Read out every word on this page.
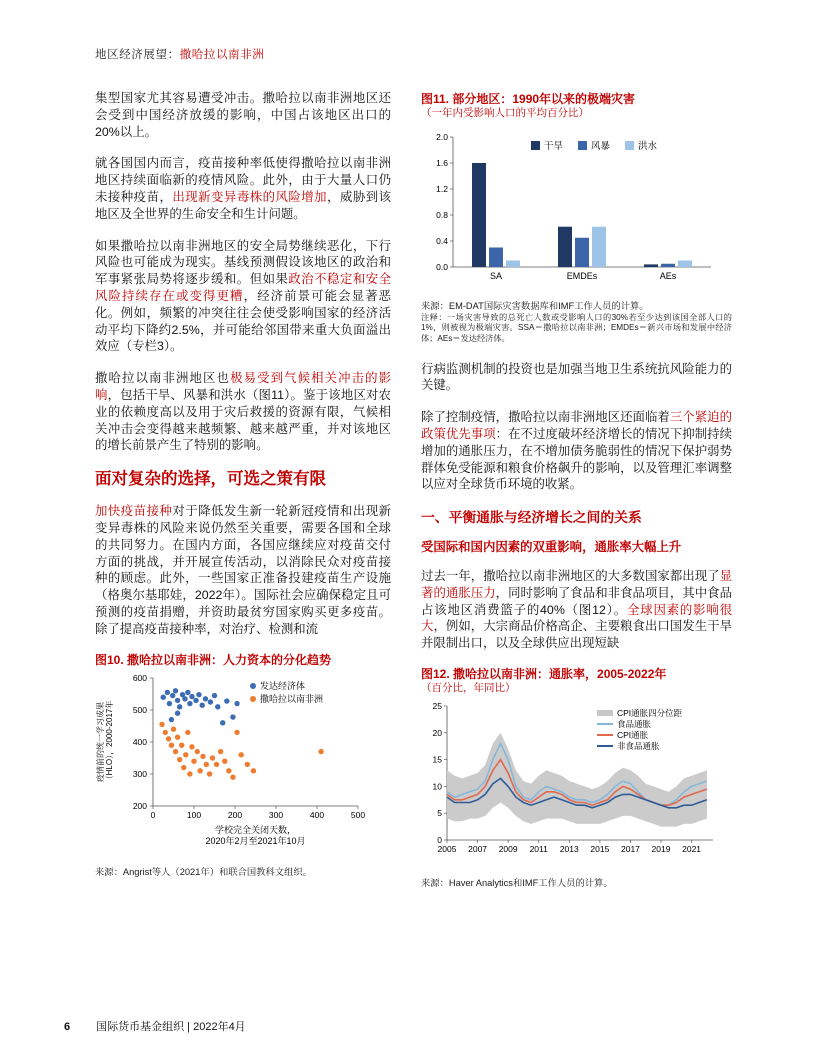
地区经济展望：撒哈拉以南非洲

集型国家尤其容易遭受冲击。撒哈拉以南非洲地区还会受到中国经济放缓的影响，中国占该地区出口的20%以上。

就各国国内而言，疫苗接种率低使得撒哈拉以南非洲地区持续面临新的疫情风险。此外，由于大量人口仍未接种疫苗，出现新变异毒株的风险增加，威胁到该地区及全世界的生命安全和生计问题。

如果撒哈拉以南非洲地区的安全局势继续恶化，下行风险也可能成为现实。基线预测假设该地区的政治和军事紧张局势将逐步缓和。但如果政治不稳定和安全风险持续存在或变得更糟，经济前景可能会显著恶化。例如，频繁的冲突往往会使受影响国家的经济活动平均下降约2.5%，并可能给邻国带来重大负面溢出效应（专栏3）。

撒哈拉以南非洲地区也极易受到气候相关冲击的影响，包括干旱、风暴和洪水（图11）。鉴于该地区对农业的依赖度高以及用于灾后救援的资源有限，气候相关冲击会变得越来越频繁、越来越严重，并对该地区的增长前景产生了特别的影响。

面对复杂的选择，可选之策有限

加快疫苗接种对于降低发生新一轮新冠疫情和出现新变异毒株的风险来说仍然至关重要，需要各国和全球的共同努力。在国内方面，各国应继续应对疫苗交付方面的挑战，并开展宣传活动，以消除民众对疫苗接种的顾虑。此外，一些国家正准备投建疫苗生产设施（格奥尔基耶娃，2022年）。国际社会应确保稳定且可预测的疫苗捐赠，并资助最贫穷国家购买更多疫苗。除了提高疫苗接种率，对治疗、检测和流

图10. 撒哈拉以南非洲：人力资本的分化趋势
200
300
400
500
600
0	100	200	300	400	500
发达经济体
撒哈拉以南非洲
疫情前的统一学习成果（HLO），2000-2017年
学校完全关闭天数，
2020年2月至2021年10月
来源：Angrist等人（2021年）和联合国教科文组织。
图11. 部分地区：1990年以来的极端灾害
（一年内受影响人口的平均百分比）
0.0
0.4
0.8
1.2
1.6
2.0
SA	EMDEs	AEs
干旱	风暴	洪水
来源：EM-DAT国际灾害数据库和IMF工作人员的计算。
注释：一场灾害导致的总死亡人数或受影响人口的30%若至少达到该国全部人口的1%，则被视为极端灾害。SSA＝撒哈拉以南非洲；EMDEs＝新兴市场和发展中经济体；AEs＝发达经济体。

行病监测机制的投资也是加强当地卫生系统抗风险能力的关键。

除了控制疫情，撒哈拉以南非洲地区还面临着三个紧迫的政策优先事项：在不过度破坏经济增长的情况下抑制持续增加的通胀压力，在不增加债务脆弱性的情况下保护弱势群体免受能源和粮食价格飙升的影响，以及管理汇率调整以应对全球货币环境的收紧。

一、平衡通胀与经济增长之间的关系
受国际和国内因素的双重影响，通胀率大幅上升

过去一年，撒哈拉以南非洲地区的大多数国家都出现了显著的通胀压力，同时影响了食品和非食品项目，其中食品占该地区消费篮子的40%（图12）。全球因素的影响很大，例如，大宗商品价格高企、主要粮食出口国发生干旱并限制出口，以及全球供应出现短缺

图12. 撒哈拉以南非洲：通胀率，2005-2022年
（百分比，年同比）
0
5
10
15
20
25
2005 2007 2009 2011 2013 2015 2017 2019 2021
CPI通胀四分位距
食品通胀
CPI通胀
非食品通胀
来源：Haver Analytics和IMF工作人员的计算。
6 国际货币基金组织 | 2022年4月
